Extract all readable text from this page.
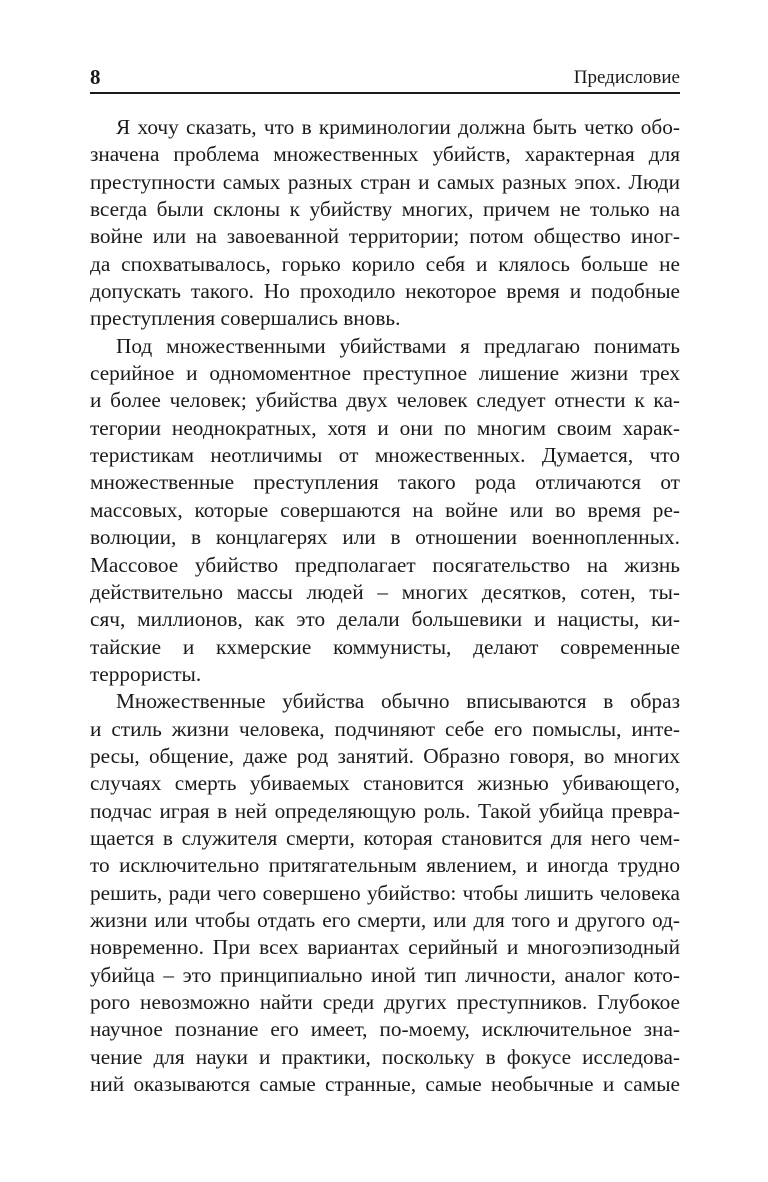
8	Предисловие
Я хочу сказать, что в криминологии должна быть четко обо-
значена проблема множественных убийств, характерная для
преступности самых разных стран и самых разных эпох. Люди
всегда были склоны к убийству многих, причем не только на
войне или на завоеванной территории; потом общество иног-
да спохватывалось, горько корило себя и клялось больше не
допускать такого. Но проходило некоторое время и подобные
преступления совершались вновь.
Под множественными убийствами я предлагаю понимать
серийное и одномоментное преступное лишение жизни трех
и более человек; убийства двух человек следует отнести к ка-
тегории неоднократных, хотя и они по многим своим харак-
теристикам неотличимы от множественных. Думается, что
множественные преступления такого рода отличаются от
массовых, которые совершаются на войне или во время ре-
волюции, в концлагерях или в отношении военнопленных.
Массовое убийство предполагает посягательство на жизнь
действительно массы людей – многих десятков, сотен, ты-
сяч, миллионов, как это делали большевики и нацисты, ки-
тайские и кхмерские коммунисты, делают современные
террористы.
Множественные убийства обычно вписываются в образ
и стиль жизни человека, подчиняют себе его помыслы, инте-
ресы, общение, даже род занятий. Образно говоря, во многих
случаях смерть убиваемых становится жизнью убивающего,
подчас играя в ней определяющую роль. Такой убийца превра-
щается в служителя смерти, которая становится для него чем-
то исключительно притягательным явлением, и иногда трудно
решить, ради чего совершено убийство: чтобы лишить человека
жизни или чтобы отдать его смерти, или для того и другого од-
новременно. При всех вариантах серийный и многоэпизодный
убийца – это принципиально иной тип личности, аналог кото-
рого невозможно найти среди других преступников. Глубокое
научное познание его имеет, по-моему, исключительное зна-
чение для науки и практики, поскольку в фокусе исследова-
ний оказываются самые странные, самые необычные и самые
